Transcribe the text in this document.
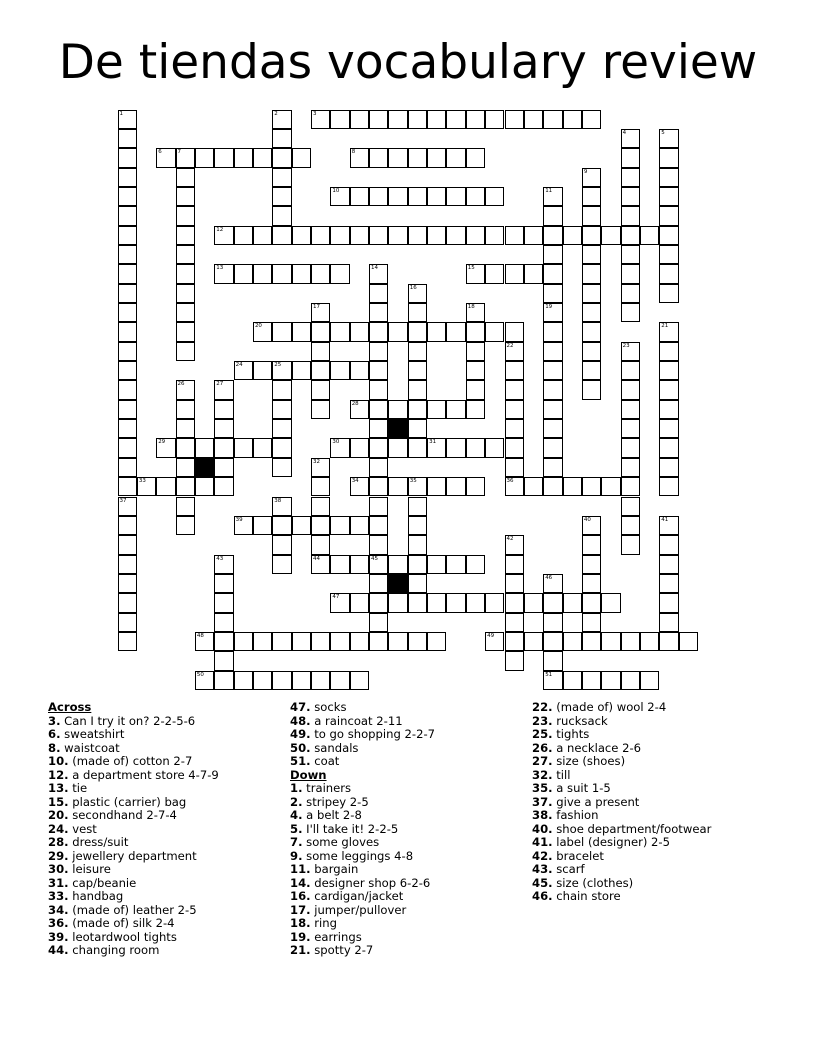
De tiendas vocabulary review
1
37
2	3
4	5
6	7	8
9
10	11
19
12
13	14	15
16
17	18
20	21
22
36
23
24	25
26	27
28
29	30	31
32
44
33	34	35
38
39	40	41
42
43	45
46
47
48	49
50	51
Across
3. Can I try it on? 2-2-5-6
6. sweatshirt
8. waistcoat
10. (made of) cotton 2-7
12. a department store 4-7-9
13. tie
15. plastic (carrier) bag
20. secondhand 2-7-4
24. vest
28. dress/suit
29. jewellery department
30. leisure
31. cap/beanie
33. handbag
34. (made of) leather 2-5
36. (made of) silk 2-4
39. leotardwool tights
44. changing room
47. socks
48. a raincoat 2-11
49. to go shopping 2-2-7
50. sandals
51. coat
Down
1. trainers
2. stripey 2-5
4. a belt 2-8
5. I'll take it! 2-2-5
7. some gloves
9. some leggings 4-8
11. bargain
14. designer shop 6-2-6
16. cardigan/jacket
17. jumper/pullover
18. ring
19. earrings
21. spotty 2-7
22. (made of) wool 2-4
23. rucksack
25. tights
26. a necklace 2-6
27. size (shoes)
32. till
35. a suit 1-5
37. give a present
38. fashion
40. shoe department/footwear
41. label (designer) 2-5
42. bracelet
43. scarf
45. size (clothes)
46. chain store
